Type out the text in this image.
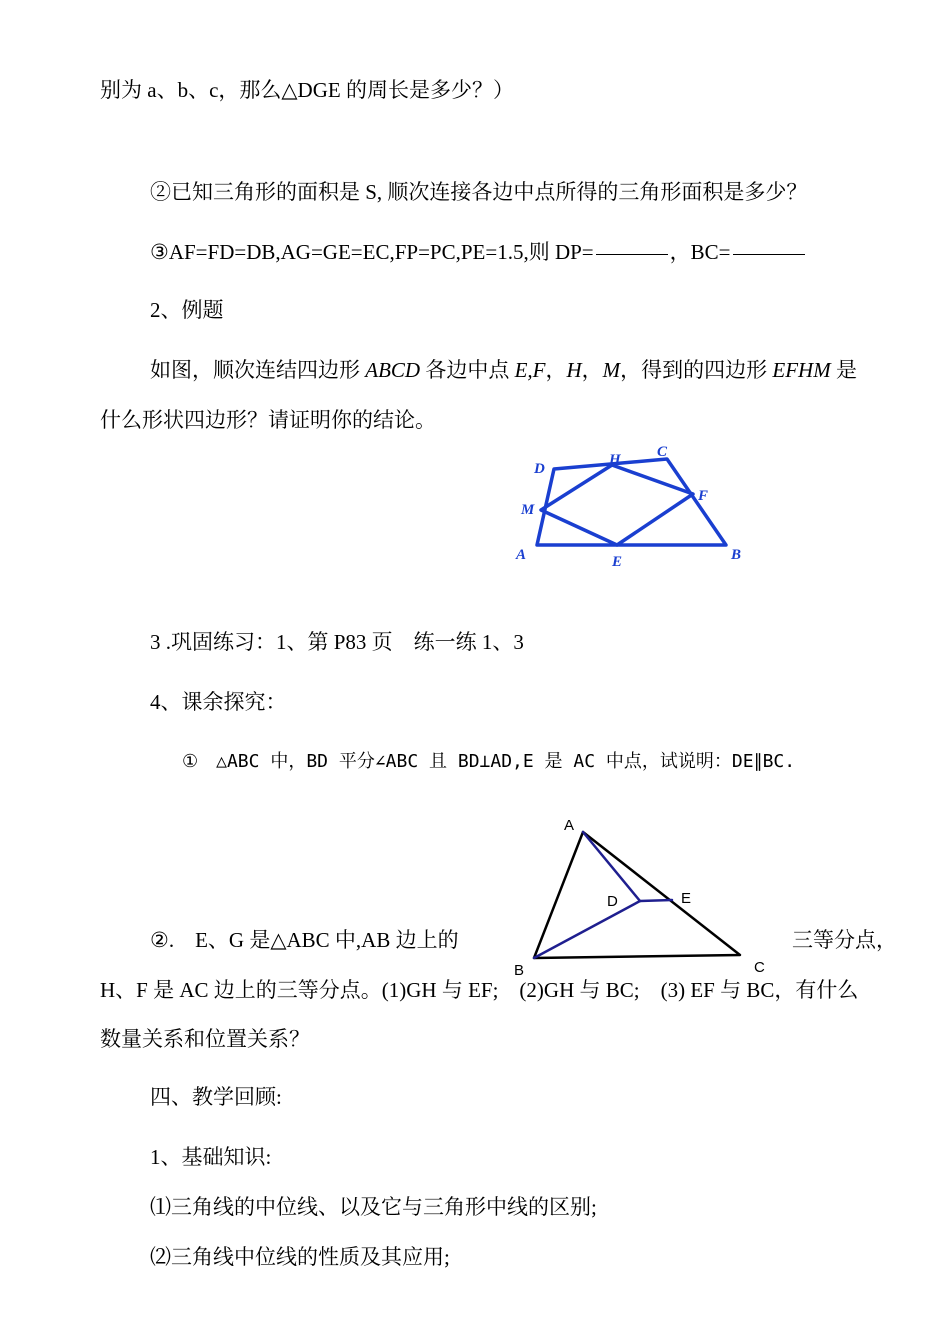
别为 a、b、c，那么△DGE 的周长是多少？）
②已知三角形的面积是 S, 顺次连接各边中点所得的三角形面积是多少？
③AF=FD=DB,AG=GE=EC,FP=PC,PE=1.5,则 DP=	，BC=
2、例题
如图，顺次连结四边形 ABCD 各边中点 E,F，H，M，得到的四边形 EFHM 是
什么形状四边形？请证明你的结论。
A	B
C
D
E
F
H
M
3 .巩固练习：1、第 P83 页　练一练 1、3
4、课余探究：
①　△ABC 中，BD 平分∠ABC 且 BD⊥AD,E 是 AC 中点，试说明：DE∥BC.
A
B	C
D	E
②.　E、G 是△ABC 中,AB 边上的	三等分点，
H、F 是 AC 边上的三等分点。(1)GH 与 EF;　(2)GH 与 BC;　(3) EF 与 BC，有什么
数量关系和位置关系？
四、教学回顾:
1、基础知识:
⑴三角线的中位线、以及它与三角形中线的区别;
⑵三角线中位线的性质及其应用;
